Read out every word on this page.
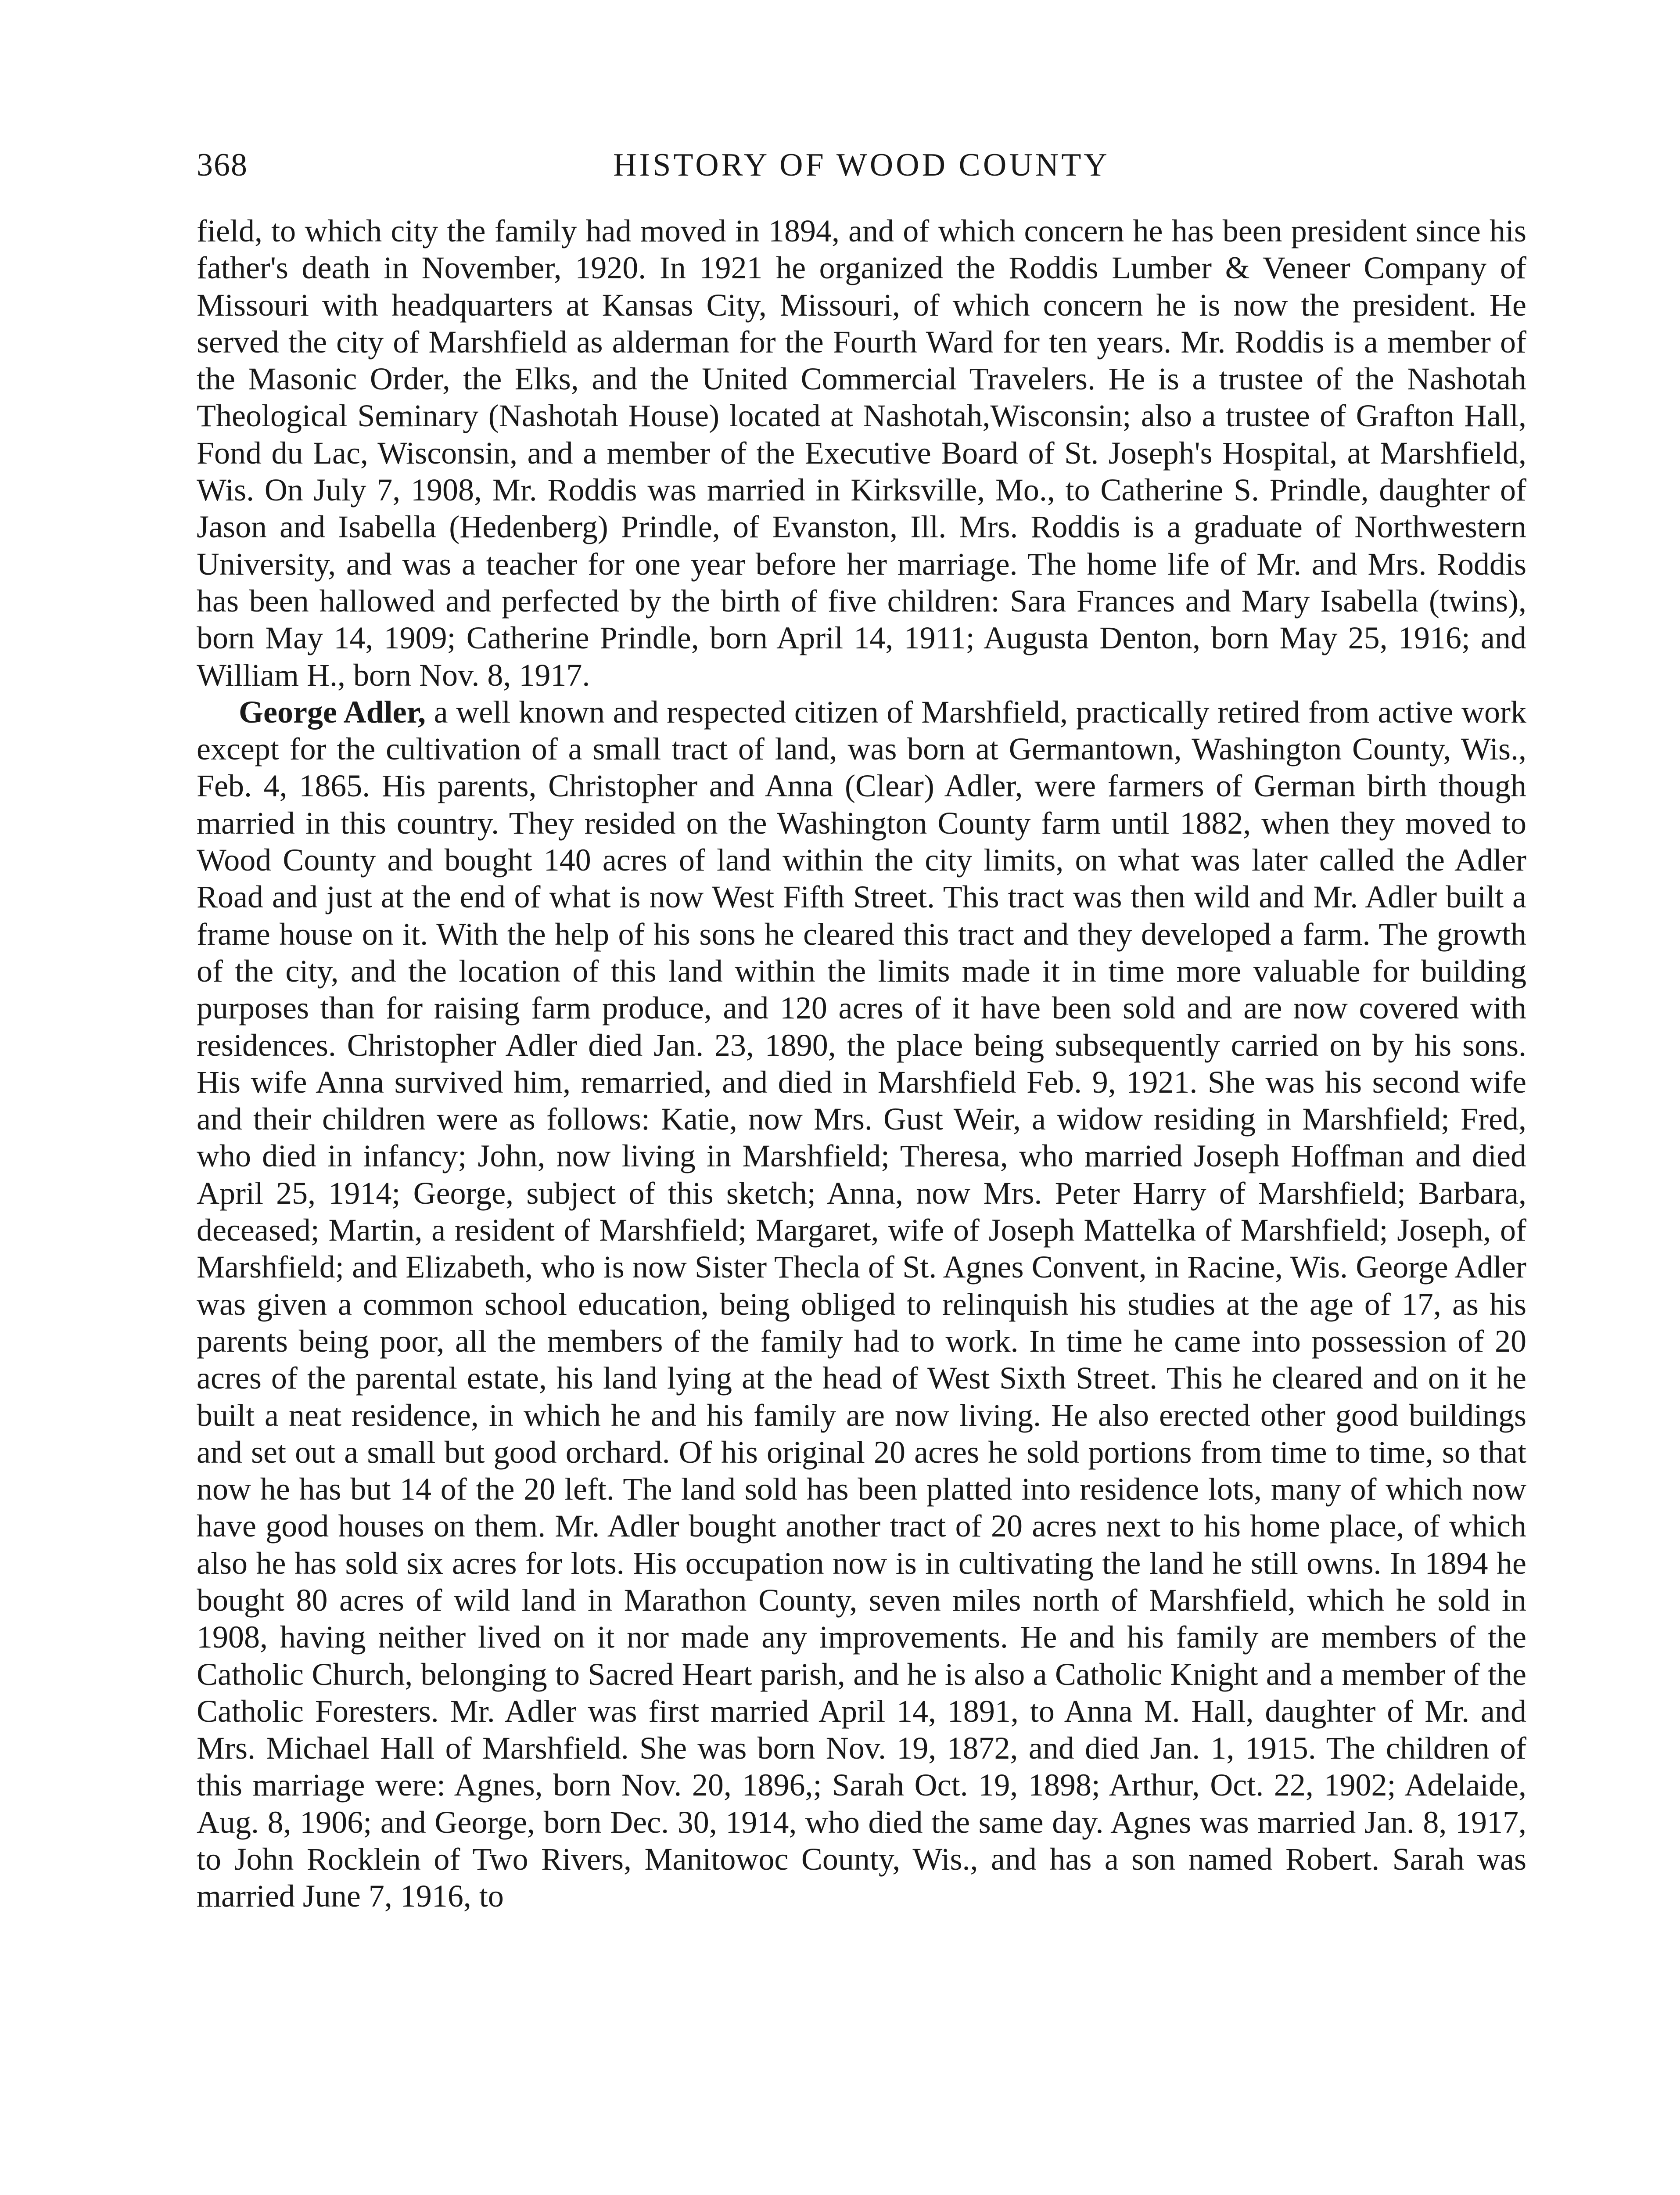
368	HISTORY OF WOOD COUNTY

field, to which city the family had moved in 1894, and of which concern he has been president since his father's death in November, 1920. In 1921 he organized the Roddis Lumber & Veneer Company of Missouri with headquarters at Kansas City, Missouri, of which concern he is now the president. He served the city of Marshfield as alderman for the Fourth Ward for ten years. Mr. Roddis is a member of the Masonic Order, the Elks, and the United Commercial Travelers. He is a trustee of the Nashotah Theological Seminary (Nashotah House) located at Nashotah,Wisconsin; also a trustee of Grafton Hall, Fond du Lac, Wisconsin, and a member of the Executive Board of St. Joseph's Hospital, at Marshfield, Wis. On July 7, 1908, Mr. Roddis was married in Kirksville, Mo., to Catherine S. Prindle, daughter of Jason and Isabella (Hedenberg) Prindle, of Evanston, Ill. Mrs. Roddis is a graduate of Northwestern University, and was a teacher for one year before her marriage. The home life of Mr. and Mrs. Roddis has been hallowed and perfected by the birth of five children: Sara Frances and Mary Isabella (twins), born May 14, 1909; Catherine Prindle, born April 14, 1911; Augusta Denton, born May 25, 1916; and William H., born Nov. 8, 1917.

George Adler, a well known and respected citizen of Marshfield, practically retired from active work except for the cultivation of a small tract of land, was born at Germantown, Washington County, Wis., Feb. 4, 1865. His parents, Christopher and Anna (Clear) Adler, were farmers of German birth though married in this country. They resided on the Washington County farm until 1882, when they moved to Wood County and bought 140 acres of land within the city limits, on what was later called the Adler Road and just at the end of what is now West Fifth Street. This tract was then wild and Mr. Adler built a frame house on it. With the help of his sons he cleared this tract and they developed a farm. The growth of the city, and the location of this land within the limits made it in time more valuable for building purposes than for raising farm produce, and 120 acres of it have been sold and are now covered with residences. Christopher Adler died Jan. 23, 1890, the place being subsequently carried on by his sons. His wife Anna survived him, remarried, and died in Marshfield Feb. 9, 1921. She was his second wife and their children were as follows: Katie, now Mrs. Gust Weir, a widow residing in Marshfield; Fred, who died in infancy; John, now living in Marshfield; Theresa, who married Joseph Hoffman and died April 25, 1914; George, subject of this sketch; Anna, now Mrs. Peter Harry of Marshfield; Barbara, deceased; Martin, a resident of Marshfield; Margaret, wife of Joseph Mattelka of Marshfield; Joseph, of Marshfield; and Elizabeth, who is now Sister Thecla of St. Agnes Convent, in Racine, Wis. George Adler was given a common school education, being obliged to relinquish his studies at the age of 17, as his parents being poor, all the members of the family had to work. In time he came into possession of 20 acres of the parental estate, his land lying at the head of West Sixth Street. This he cleared and on it he built a neat residence, in which he and his family are now living. He also erected other good buildings and set out a small but good orchard. Of his original 20 acres he sold portions from time to time, so that now he has but 14 of the 20 left. The land sold has been platted into residence lots, many of which now have good houses on them. Mr. Adler bought another tract of 20 acres next to his home place, of which also he has sold six acres for lots. His occupation now is in cultivating the land he still owns. In 1894 he bought 80 acres of wild land in Marathon County, seven miles north of Marshfield, which he sold in 1908, having neither lived on it nor made any improvements. He and his family are members of the Catholic Church, belonging to Sacred Heart parish, and he is also a Catholic Knight and a member of the Catholic Foresters. Mr. Adler was first married April 14, 1891, to Anna M. Hall, daughter of Mr. and Mrs. Michael Hall of Marshfield. She was born Nov. 19, 1872, and died Jan. 1, 1915. The children of this marriage were: Agnes, born Nov. 20, 1896,; Sarah Oct. 19, 1898; Arthur, Oct. 22, 1902; Adelaide, Aug. 8, 1906; and George, born Dec. 30, 1914, who died the same day. Agnes was married Jan. 8, 1917, to John Rocklein of Two Rivers, Manitowoc County, Wis., and has a son named Robert. Sarah was married June 7, 1916, to
